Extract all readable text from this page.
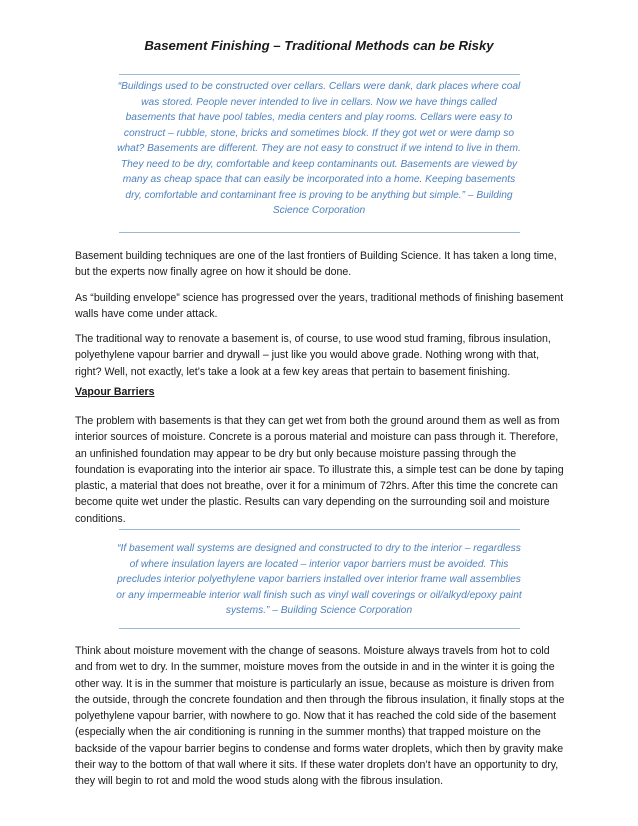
Basement Finishing – Traditional Methods can be Risky
“Buildings used to be constructed over cellars. Cellars were dank, dark places where coal was stored. People never intended to live in cellars. Now we have things called basements that have pool tables, media centers and play rooms. Cellars were easy to construct – rubble, stone, bricks and sometimes block. If they got wet or were damp so what? Basements are different. They are not easy to construct if we intend to live in them. They need to be dry, comfortable and keep contaminants out. Basements are viewed by many as cheap space that can easily be incorporated into a home. Keeping basements dry, comfortable and contaminant free is proving to be anything but simple.” – Building Science Corporation
Basement building techniques are one of the last frontiers of Building Science. It has taken a long time, but the experts now finally agree on how it should be done.
As “building envelope” science has progressed over the years, traditional methods of finishing basement walls have come under attack.
The traditional way to renovate a basement is, of course, to use wood stud framing, fibrous insulation, polyethylene vapour barrier and drywall – just like you would above grade. Nothing wrong with that, right? Well, not exactly, let’s take a look at a few key areas that pertain to basement finishing.
Vapour Barriers
The problem with basements is that they can get wet from both the ground around them as well as from interior sources of moisture. Concrete is a porous material and moisture can pass through it. Therefore, an unfinished foundation may appear to be dry but only because moisture passing through the foundation is evaporating into the interior air space. To illustrate this, a simple test can be done by taping plastic, a material that does not breathe, over it for a minimum of 72hrs. After this time the concrete can become quite wet under the plastic. Results can vary depending on the surrounding soil and moisture conditions.
“If basement wall systems are designed and constructed to dry to the interior – regardless of where insulation layers are located – interior vapor barriers must be avoided. This precludes interior polyethylene vapor barriers installed over interior frame wall assemblies or any impermeable interior wall finish such as vinyl wall coverings or oil/alkyd/epoxy paint systems.” – Building Science Corporation
Think about moisture movement with the change of seasons. Moisture always travels from hot to cold and from wet to dry. In the summer, moisture moves from the outside in and in the winter it is going the other way. It is in the summer that moisture is particularly an issue, because as moisture is driven from the outside, through the concrete foundation and then through the fibrous insulation, it finally stops at the polyethylene vapour barrier, with nowhere to go. Now that it has reached the cold side of the basement (especially when the air conditioning is running in the summer months) that trapped moisture on the backside of the vapour barrier begins to condense and forms water droplets, which then by gravity make their way to the bottom of that wall where it sits. If these water droplets don’t have an opportunity to dry, they will begin to rot and mold the wood studs along with the fibrous insulation.
